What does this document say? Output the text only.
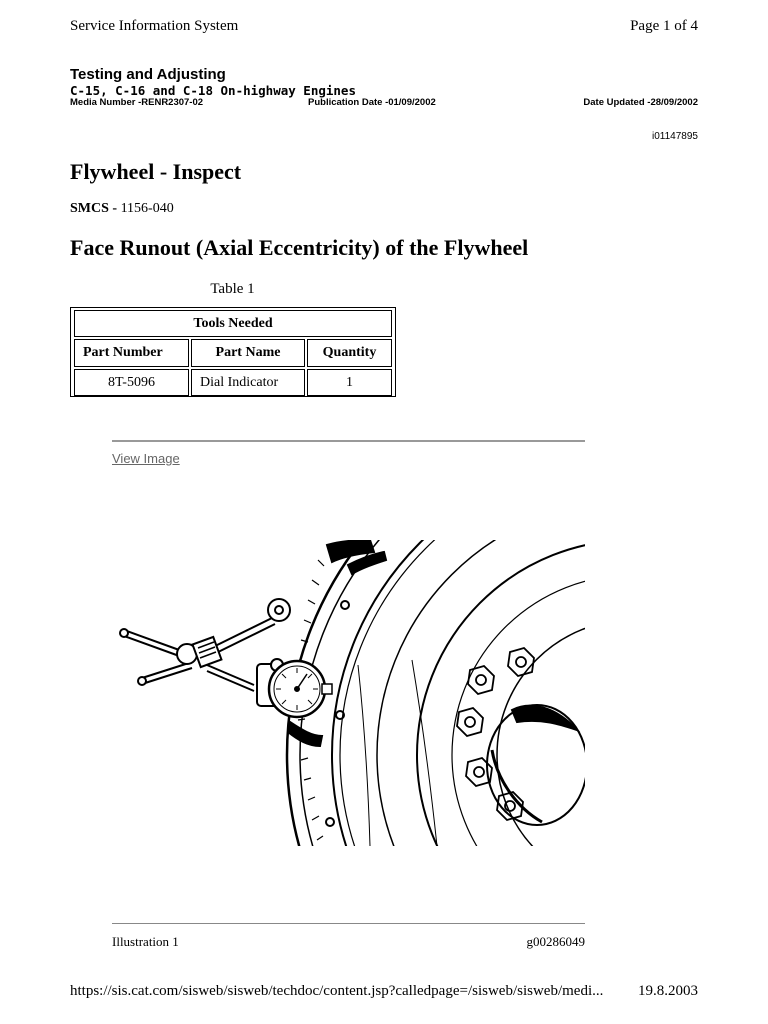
Service Information System	Page 1 of 4
Testing and Adjusting
C-15, C-16 and C-18 On-highway Engines
Media Number -RENR2307-02	Publication Date -01/09/2002	Date Updated -28/09/2002
i01147895
Flywheel - Inspect
SMCS - 1156-040
Face Runout (Axial Eccentricity) of the Flywheel
Table 1
Tools Needed
Part Number	Part Name	Quantity
8T-5096	Dial Indicator	1
View Image
Illustration 1	g00286049
https://sis.cat.com/sisweb/sisweb/techdoc/content.jsp?calledpage=/sisweb/sisweb/medi... 19.8.2003
